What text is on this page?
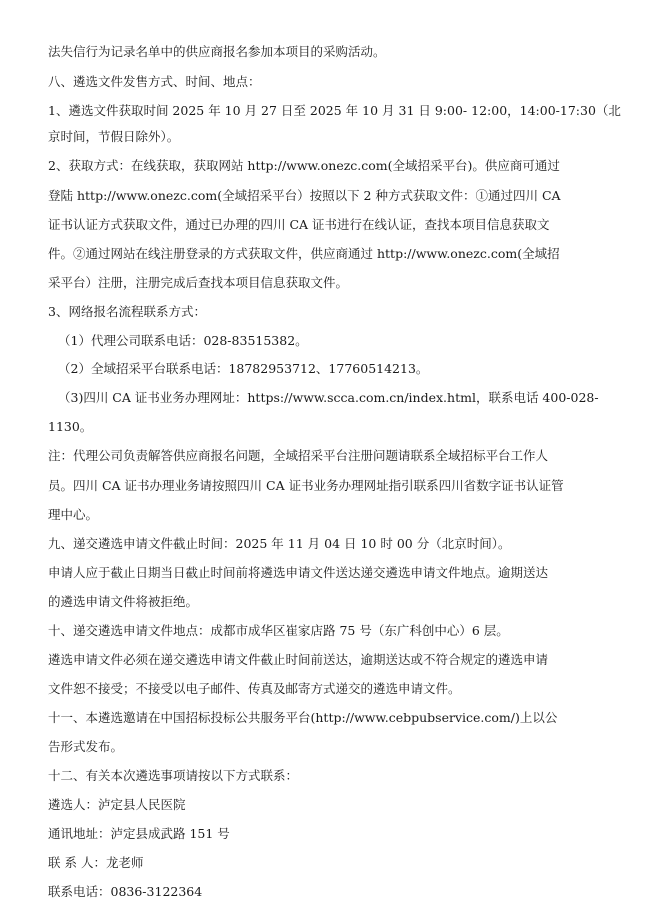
法失信行为记录名单中的供应商报名参加本项目的采购活动。

八、遴选文件发售方式、时间、地点：

1、遴选文件获取时间 2025 年 10 月 27 日至 2025 年 10 月 31 日 9:00- 12:00，14:00-17:30（北

京时间，节假日除外）。

2、获取方式：在线获取，获取网站 http://www.onezc.com(全域招采平台)。供应商可通过

登陆 http://www.onezc.com(全域招采平台）按照以下 2 种方式获取文件：①通过四川 CA

证书认证方式获取文件，通过已办理的四川 CA 证书进行在线认证，查找本项目信息获取文

件。②通过网站在线注册登录的方式获取文件，供应商通过 http://www.onezc.com(全域招

采平台）注册，注册完成后查找本项目信息获取文件。

3、网络报名流程联系方式：

（1）代理公司联系电话：028-83515382。

（2）全域招采平台联系电话：18782953712、17760514213。

（3)四川 CA 证书业务办理网址：https://www.scca.com.cn/index.html，联系电话 400-028-

1130。

注：代理公司负责解答供应商报名问题，全域招采平台注册问题请联系全域招标平台工作人

员。四川 CA 证书办理业务请按照四川 CA 证书业务办理网址指引联系四川省数字证书认证管

理中心。

九、递交遴选申请文件截止时间：2025 年 11 月 04 日 10 时 00 分（北京时间）。

申请人应于截止日期当日截止时间前将遴选申请文件送达递交遴选申请文件地点。逾期送达

的遴选申请文件将被拒绝。

十、递交遴选申请文件地点：成都市成华区崔家店路 75 号（东广科创中心）6 层。

遴选申请文件必须在递交遴选申请文件截止时间前送达，逾期送达或不符合规定的遴选申请

文件恕不接受；不接受以电子邮件、传真及邮寄方式递交的遴选申请文件。

十一、本遴选邀请在中国招标投标公共服务平台(http://www.cebpubservice.com/)上以公

告形式发布。

十二、有关本次遴选事项请按以下方式联系：

遴选人：泸定县人民医院

通讯地址：泸定县成武路 151 号

联 系 人：龙老师

联系电话：0836-3122364
